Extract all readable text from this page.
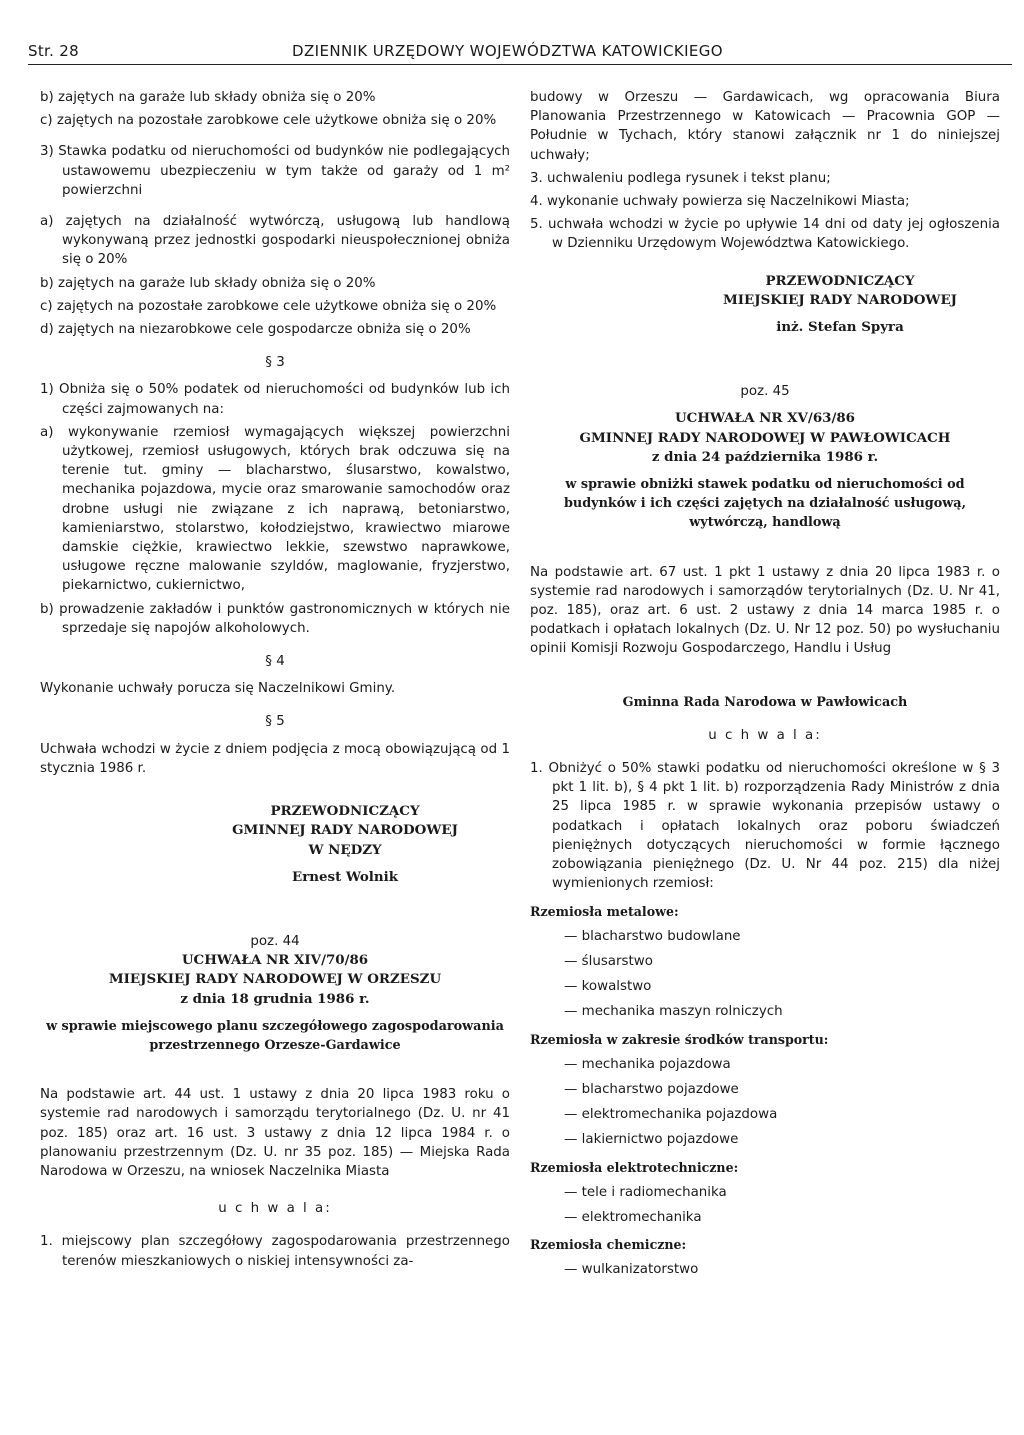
Str. 28	DZIENNIK URZĘDOWY WOJEWÓDZTWA KATOWICKIEGO

b) zajętych na garaże lub składy obniża się o 20%

c) zajętych na pozostałe zarobkowe cele użytkowe obniża się o 20%

3) Stawka podatku od nieruchomości od budynków nie podlegających ustawowemu ubezpieczeniu w tym także od garaży od 1 m² powierzchni

a) zajętych na działalność wytwórczą, usługową lub handlową wykonywaną przez jednostki gospodarki nieuspołecznionej obniża się o 20%

b) zajętych na garaże lub składy obniża się o 20%

c) zajętych na pozostałe zarobkowe cele użytkowe obniża się o 20%

d) zajętych na niezarobkowe cele gospodarcze obniża się o 20%

§ 3

1) Obniża się o 50% podatek od nieruchomości od budynków lub ich części zajmowanych na:

a) wykonywanie rzemiosł wymagających większej powierzchni użytkowej, rzemiosł usługowych, których brak odczuwa się na terenie tut. gminy — blacharstwo, ślusarstwo, kowalstwo, mechanika pojazdowa, mycie oraz smarowanie samochodów oraz drobne usługi nie związane z ich naprawą, betoniarstwo, kamieniarstwo, stolarstwo, kołodziejstwo, krawiectwo miarowe damskie ciężkie, krawiectwo lekkie, szewstwo naprawkowe, usługowe ręczne malowanie szyldów, maglowanie, fryzjerstwo, piekarnictwo, cukiernictwo,

b) prowadzenie zakładów i punktów gastronomicznych w których nie sprzedaje się napojów alkoholowych.

§ 4

Wykonanie uchwały porucza się Naczelnikowi Gminy.

§ 5

Uchwała wchodzi w życie z dniem podjęcia z mocą obowiązującą od 1 stycznia 1986 r.

PRZEWODNICZĄCY

GMINNEJ RADY NARODOWEJ

W NĘDZY

Ernest Wolnik

poz. 44

UCHWAŁA NR XIV/70/86

MIEJSKIEJ RADY NARODOWEJ W ORZESZU

z dnia 18 grudnia 1986 r.

w sprawie miejscowego planu szczegółowego zagospodarowania przestrzennego Orzesze-Gardawice

Na podstawie art. 44 ust. 1 ustawy z dnia 20 lipca 1983 roku o systemie rad narodowych i samorządu terytorialnego (Dz. U. nr 41 poz. 185) oraz art. 16 ust. 3 ustawy z dnia 12 lipca 1984 r. o planowaniu przestrzennym (Dz. U. nr 35 poz. 185) — Miejska Rada Narodowa w Orzeszu, na wniosek Naczelnika Miasta

u c h w a l a:

1. miejscowy plan szczegółowy zagospodarowania przestrzennego terenów mieszkaniowych o niskiej intensywności za-

budowy w Orzeszu — Gardawicach, wg opracowania Biura Planowania Przestrzennego w Katowicach — Pracownia GOP — Południe w Tychach, który stanowi załącznik nr 1 do niniejszej uchwały;

3. uchwaleniu podlega rysunek i tekst planu;

4. wykonanie uchwały powierza się Naczelnikowi Miasta;

5. uchwała wchodzi w życie po upływie 14 dni od daty jej ogłoszenia w Dzienniku Urzędowym Województwa Katowickiego.

PRZEWODNICZĄCY

MIEJSKIEJ RADY NARODOWEJ

inż. Stefan Spyra

poz. 45

UCHWAŁA NR XV/63/86

GMINNEJ RADY NARODOWEJ W PAWŁOWICACH

z dnia 24 października 1986 r.

w sprawie obniżki stawek podatku od nieruchomości od budynków i ich części zajętych na działalność usługową, wytwórczą, handlową

Na podstawie art. 67 ust. 1 pkt 1 ustawy z dnia 20 lipca 1983 r. o systemie rad narodowych i samorządów terytorialnych (Dz. U. Nr 41, poz. 185), oraz art. 6 ust. 2 ustawy z dnia 14 marca 1985 r. o podatkach i opłatach lokalnych (Dz. U. Nr 12 poz. 50) po wysłuchaniu opinii Komisji Rozwoju Gospodarczego, Handlu i Usług

Gminna Rada Narodowa w Pawłowicach

u c h w a l a:

1. Obniżyć o 50% stawki podatku od nieruchomości określone w § 3 pkt 1 lit. b), § 4 pkt 1 lit. b) rozporządzenia Rady Ministrów z dnia 25 lipca 1985 r. w sprawie wykonania przepisów ustawy o podatkach i opłatach lokalnych oraz poboru świadczeń pieniężnych dotyczących nieruchomości w formie łącznego zobowiązania pieniężnego (Dz. U. Nr 44 poz. 215) dla niżej wymienionych rzemiosł:

Rzemiosła metalowe:

— blacharstwo budowlane

— ślusarstwo

— kowalstwo

— mechanika maszyn rolniczych

Rzemiosła w zakresie środków transportu:

— mechanika pojazdowa

— blacharstwo pojazdowe

— elektromechanika pojazdowa

— lakiernictwo pojazdowe

Rzemiosła elektrotechniczne:

— tele i radiomechanika

— elektromechanika

Rzemiosła chemiczne:

— wulkanizatorstwo
